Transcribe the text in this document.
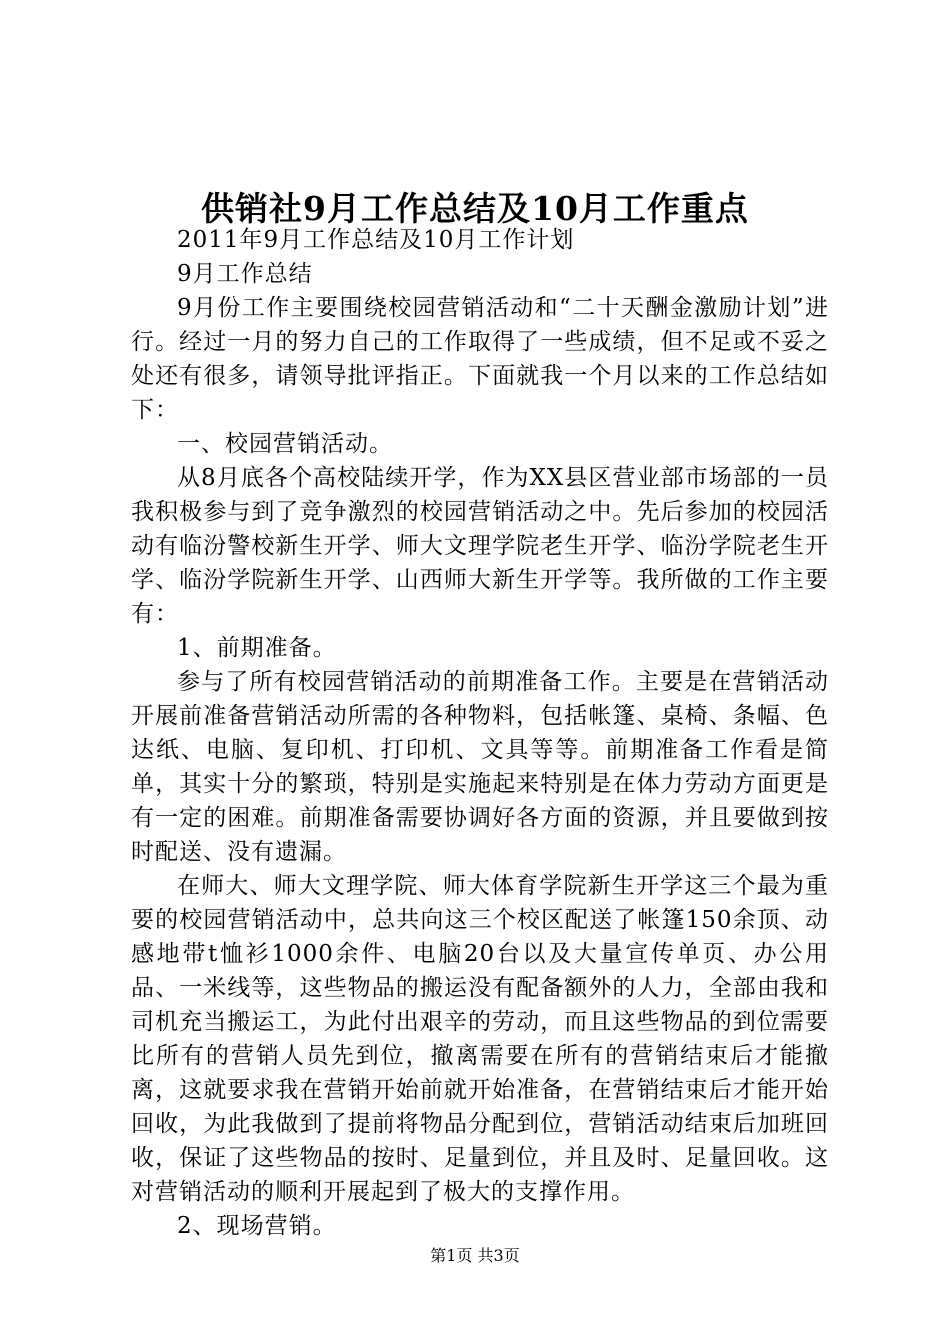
供销社9月工作总结及10月工作重点

2011年9月工作总结及10月工作计划

9月工作总结

9月份工作主要围绕校园营销活动和“二十天酬金激励计划”进行。经过一月的努力自己的工作取得了一些成绩，但不足或不妥之处还有很多，请领导批评指正。下面就我一个月以来的工作总结如下：

一、校园营销活动。

从8月底各个高校陆续开学，作为XX县区营业部市场部的一员我积极参与到了竞争激烈的校园营销活动之中。先后参加的校园活动有临汾警校新生开学、师大文理学院老生开学、临汾学院老生开学、临汾学院新生开学、山西师大新生开学等。我所做的工作主要有：

1、前期准备。

参与了所有校园营销活动的前期准备工作。主要是在营销活动开展前准备营销活动所需的各种物料，包括帐篷、桌椅、条幅、色达纸、电脑、复印机、打印机、文具等等。前期准备工作看是简单，其实十分的繁琐，特别是实施起来特别是在体力劳动方面更是有一定的困难。前期准备需要协调好各方面的资源，并且要做到按时配送、没有遗漏。

在师大、师大文理学院、师大体育学院新生开学这三个最为重要的校园营销活动中，总共向这三个校区配送了帐篷150余顶、动感地带t恤衫1000余件、电脑20台以及大量宣传单页、办公用品、一米线等，这些物品的搬运没有配备额外的人力，全部由我和司机充当搬运工，为此付出艰辛的劳动，而且这些物品的到位需要比所有的营销人员先到位，撤离需要在所有的营销结束后才能撤离，这就要求我在营销开始前就开始准备，在营销结束后才能开始回收，为此我做到了提前将物品分配到位，营销活动结束后加班回收，保证了这些物品的按时、足量到位，并且及时、足量回收。这对营销活动的顺利开展起到了极大的支撑作用。

2、现场营销。

第1页 共3页
